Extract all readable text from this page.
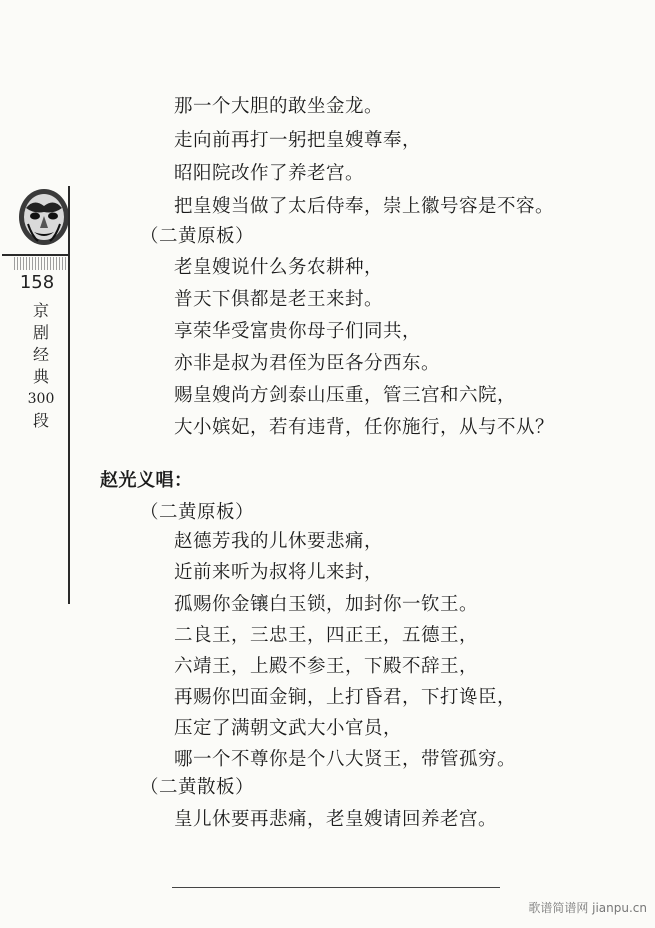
158
京
剧
经
典
300
段
那一个大胆的敢坐金龙。
走向前再打一躬把皇嫂尊奉，
昭阳院改作了养老宫。
把皇嫂当做了太后侍奉，崇上徽号容是不容。
（二黄原板）
老皇嫂说什么务农耕种，
普天下俱都是老王来封。
享荣华受富贵你母子们同共，
亦非是叔为君侄为臣各分西东。
赐皇嫂尚方剑泰山压重，管三宫和六院，
大小嫔妃，若有违背，任你施行，从与不从？
赵光义唱：
（二黄原板）
赵德芳我的儿休要悲痛，
近前来听为叔将儿来封，
孤赐你金镶白玉锁，加封你一钦王。
二良王，三忠王，四正王，五德王，
六靖王，上殿不参王，下殿不辞王，
再赐你凹面金锏，上打昏君，下打谗臣，
压定了满朝文武大小官员，
哪一个不尊你是个八大贤王，带管孤穷。
（二黄散板）
皇儿休要再悲痛，老皇嫂请回养老宫。
歌谱简谱网 jianpu.cn
